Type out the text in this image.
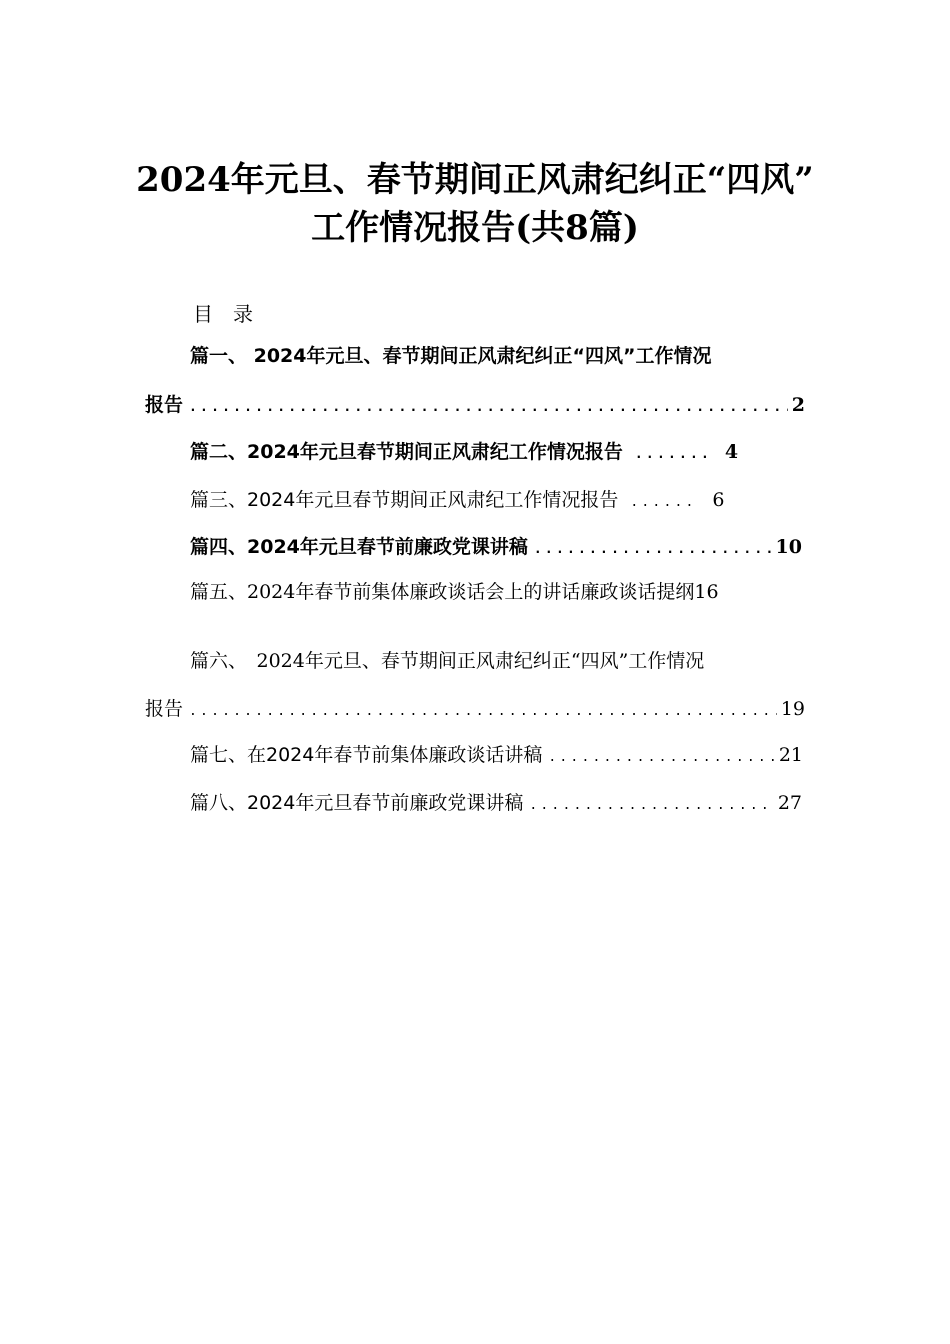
2024年元旦、春节期间正风肃纪纠正“四风”
工作情况报告(共8篇)
目　录
篇一、 2024年元旦、春节期间正风肃纪纠正“四风”工作情况
报告 .....	2
篇二、2024年元旦春节期间正风肃纪工作情况报告 .....	4
篇三、2024年元旦春节期间正风肃纪工作情况报告 .....	6
篇四、2024年元旦春节前廉政党课讲稿 .....	10
篇五、2024年春节前集体廉政谈话会上的讲话廉政谈话提纲 16
篇六、　2024年元旦、春节期间正风肃纪纠正“四风”工作情况
报告 .....	19
篇七、在2024年春节前集体廉政谈话讲稿 .....	21
篇八、2024年元旦春节前廉政党课讲稿 .....	27
